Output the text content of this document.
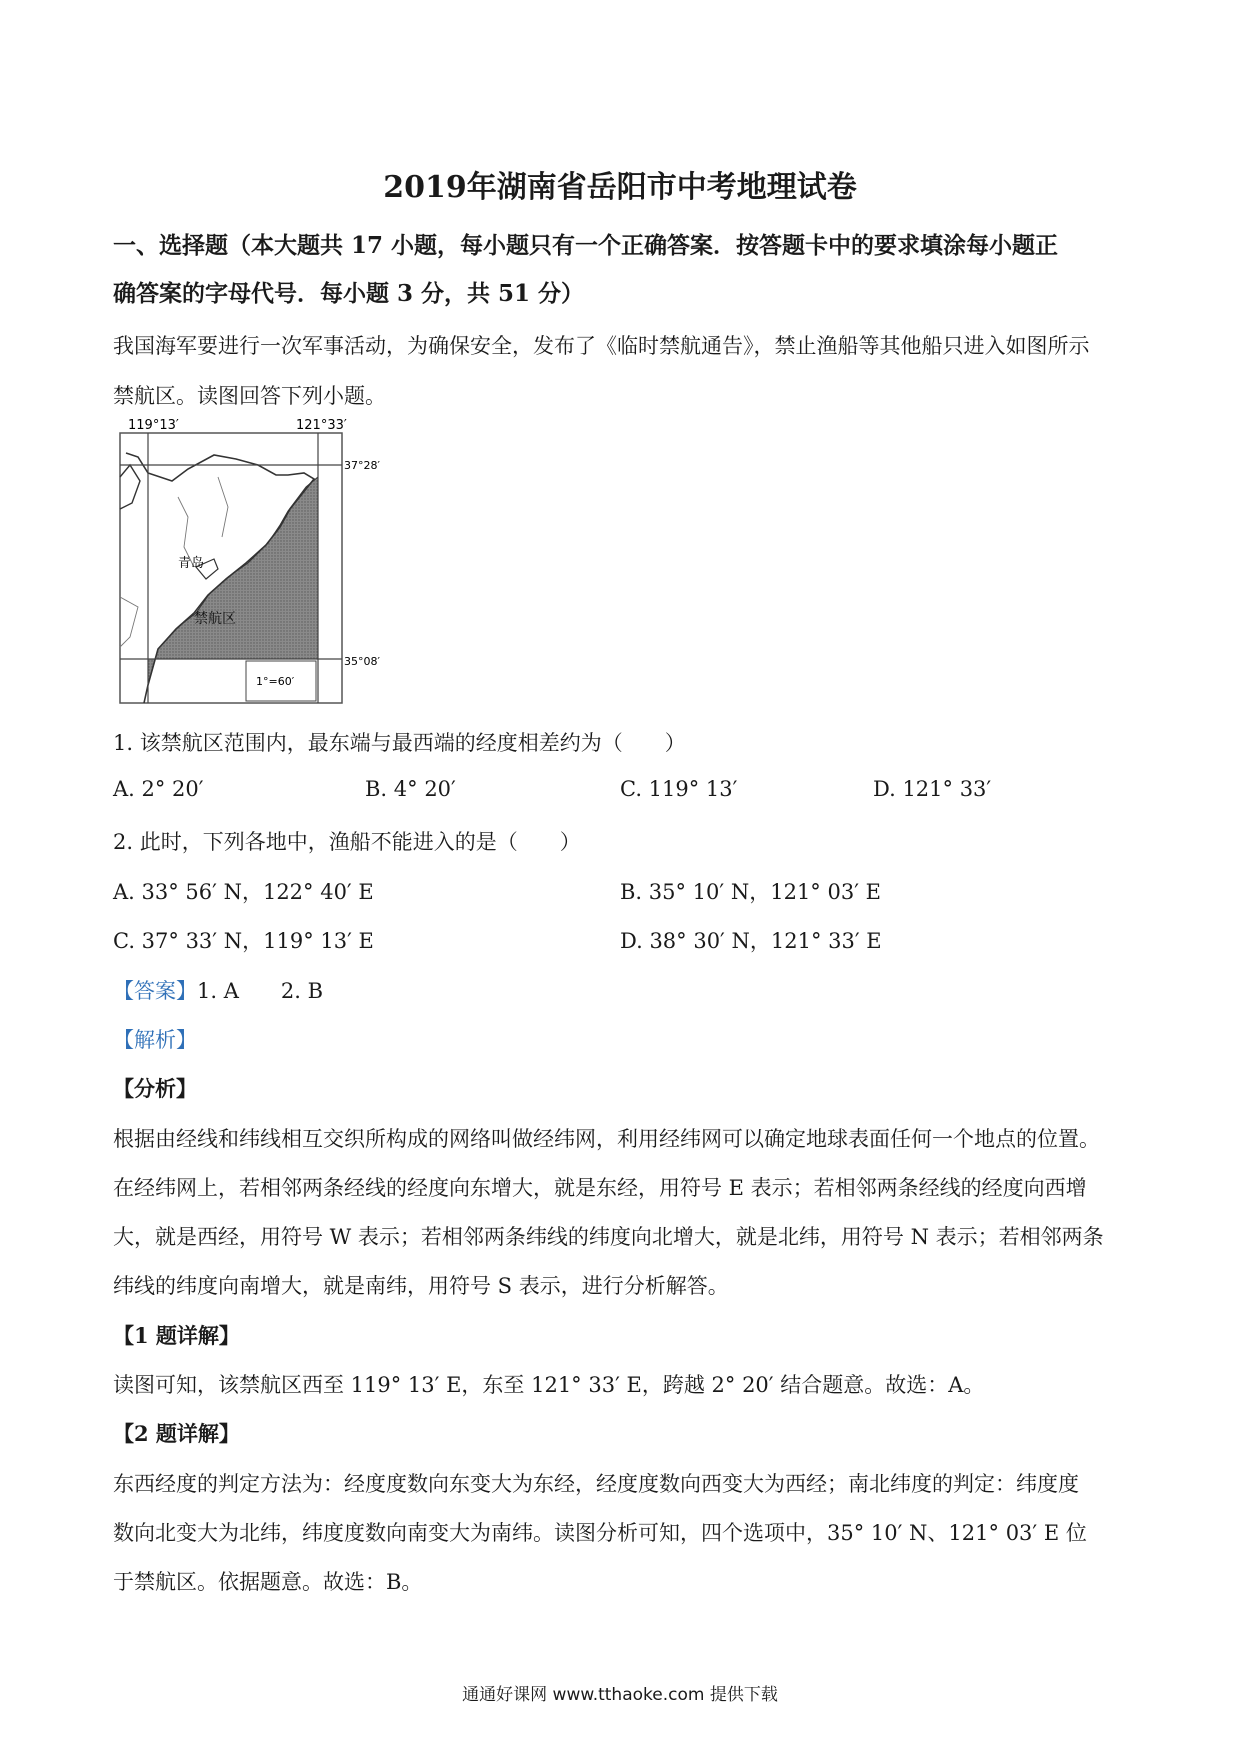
2019年湖南省岳阳市中考地理试卷
一、选择题（本大题共 17 小题，每小题只有一个正确答案．按答题卡中的要求填涂每小题正
确答案的字母代号．每小题 3 分，共 51 分）
我国海军要进行一次军事活动，为确保安全，发布了《临时禁航通告》，禁止渔船等其他船只进入如图所示
禁航区。读图回答下列小题。
119°13′	121°33′
37°28′
35°08′
青岛
禁航区
1°=60′
1. 该禁航区范围内，最东端与最西端的经度相差约为（　　）
A. 2° 20′	B. 4° 20′	C. 119° 13′	D. 121° 33′
2. 此时，下列各地中，渔船不能进入的是（　　）
A. 33° 56′ N，122° 40′ E	B. 35° 10′ N，121° 03′ E
C. 37° 33′ N，119° 13′ E	D. 38° 30′ N，121° 33′ E
【答案】1. A　　2. B
【解析】
【分析】
根据由经线和纬线相互交织所构成的网络叫做经纬网，利用经纬网可以确定地球表面任何一个地点的位置。
在经纬网上，若相邻两条经线的经度向东增大，就是东经，用符号 E 表示；若相邻两条经线的经度向西增
大，就是西经，用符号 W 表示；若相邻两条纬线的纬度向北增大，就是北纬，用符号 N 表示；若相邻两条
纬线的纬度向南增大，就是南纬，用符号 S 表示，进行分析解答。
【1 题详解】
读图可知，该禁航区西至 119° 13′ E，东至 121° 33′ E，跨越 2° 20′ 结合题意。故选：A。
【2 题详解】
东西经度的判定方法为：经度度数向东变大为东经，经度度数向西变大为西经；南北纬度的判定：纬度度
数向北变大为北纬，纬度度数向南变大为南纬。读图分析可知，四个选项中，35° 10′ N、121° 03′ E 位
于禁航区。依据题意。故选：B。
通通好课网 www.tthaoke.com 提供下载
